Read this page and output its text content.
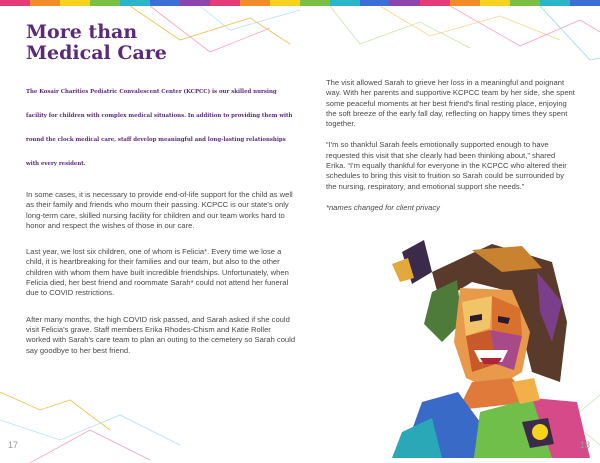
More than
Medical Care

The Kosair Charities Pediatric Convalescent Center (KCPCC) is our skilled nursing facility for children with complex medical situations. In addition to providing them with round the clock medical care, staff develop meaningful and long-lasting relationships with every resident.

In some cases, it is necessary to provide end-of-life support for the child as well as their family and friends who mourn their passing. KCPCC is our state's only long-term care, skilled nursing facility for children and our team works hard to honor and respect the wishes of those in our care.

Last year, we lost six children, one of whom is Felicia*. Every time we lose a child, it is heartbreaking for their families and our team, but also to the other children with whom them have built incredible friendships. Unfortunately, when Felicia died, her best friend and roommate Sarah* could not attend her funeral due to COVID restrictions.

After many months, the high COVID risk passed, and Sarah asked if she could visit Felicia's grave. Staff members Erika Rhodes-Chism and Katie Roller worked with Sarah's care team to plan an outing to the cemetery so Sarah could say goodbye to her best friend.

The visit allowed Sarah to grieve her loss in a meaningful and poignant way. With her parents and supportive KCPCC team by her side, she spent some peaceful moments at her best friend's final resting place, enjoying the soft breeze of the early fall day, reflecting on happy times they spent together.

“I'm so thankful Sarah feels emotionally supported enough to have requested this visit that she clearly had been thinking about,” shared Erika. “I'm equally thankful for everyone in the KCPCC who altered their schedules to bring this visit to fruition so Sarah could be surrounded by the nursing, respiratory, and emotional support she needs.”

*names changed for client privacy

17	18
